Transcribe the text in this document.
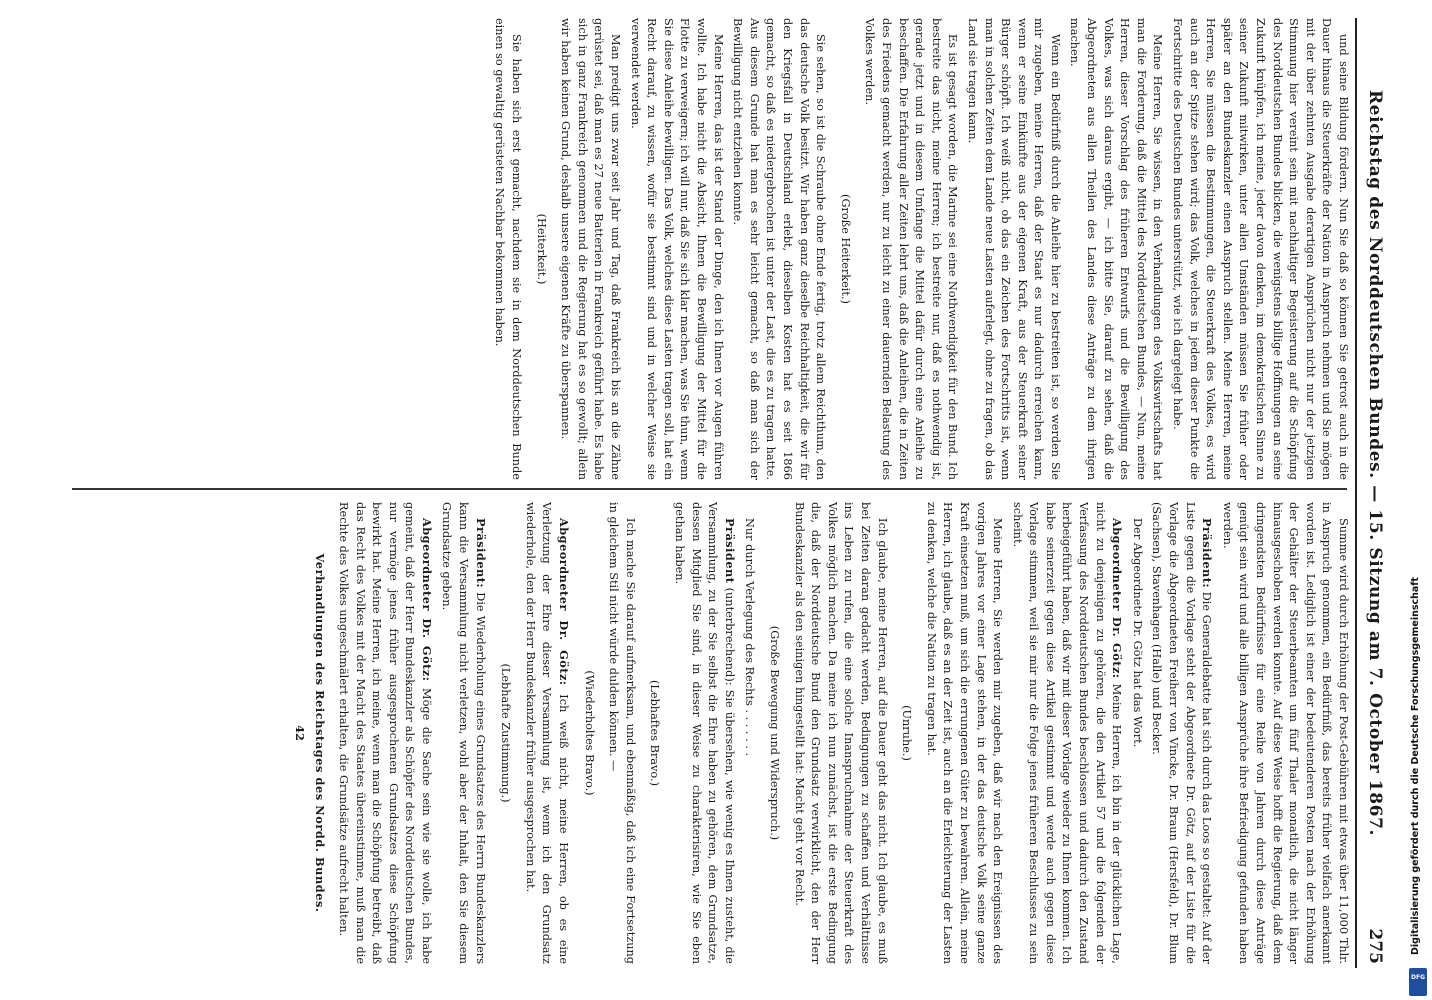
Reichstag des Norddeutschen Bundes. — 15. Sitzung am 7. October 1867.
275

und seine Bildung fördern. Nun Sie daß so können Sie getrost auch in die Dauer hinaus die Steuerkräfte der Nation in Anspruch nehmen und Sie mögen mit der über zehnten Ausgabe derartigen Ansprüchen nicht nur der jetzigen Stimmung hier vereint sein mit nachhaltiger Begeisterung auf die Schöpfung des Norddeutschen Bundes blicken, die wenigstens billige Hoffnungen an seine Zukunft knüpfen, ich meine, jeder davon denken, im demokratischen Sinne zu seiner Zukunft mitwirken, unter allen Umständen müssen Sie früher oder später an den Bundeskanzler einen Anspruch stellen. Meine Herren, meine Herren, Sie müssen die Bestimmungen, die Steuerkraft des Volkes, es wird auch an der Spitze stehen wird; das Volk, welches in jedem dieser Punkte die Fortschritte des Deutschen Bundes unterstützt, wie ich dargelegt habe.

Meine Herren, Sie wissen, in den Verhandlungen des Volkswirtschafts hat man die Forderung, daß die Mittel des Norddeutschen Bundes, — Nun, meine Herren, dieser Vorschlag des früheren Entwurfs und die Bewilligung des Volkes, was sich daraus ergibt, — ich bitte Sie, darauf zu sehen, daß die Abgeordneten aus allen Theilen des Landes diese Anträge zu dem ihrigen machen.

Wenn ein Bedürfniß durch die Anleihe hier zu bestreiten ist, so werden Sie mir zugeben, meine Herren, daß der Staat es nur dadurch erreichen kann, wenn er seine Einkünfte aus der eigenen Kraft, aus der Steuerkraft seiner Bürger schöpft. Ich weiß nicht, ob das ein Zeichen des Fortschritts ist, wenn man in solchen Zeiten dem Lande neue Lasten auferlegt, ohne zu fragen, ob das Land sie tragen kann.

Es ist gesagt worden, die Marine sei eine Nothwendigkeit für den Bund. Ich bestreite das nicht, meine Herren; ich bestreite nur, daß es nothwendig ist, gerade jetzt und in diesem Umfange die Mittel dafür durch eine Anleihe zu beschaffen. Die Erfahrung aller Zeiten lehrt uns, daß die Anleihen, die in Zeiten des Friedens gemacht werden, nur zu leicht zu einer dauernden Belastung des Volkes werden.

(Große Heiterkeit.)

Sie sehen, so ist die Schraube ohne Ende fertig, trotz allem Reichthum, den das deutsche Volk besitzt. Wir haben ganz dieselbe Reichhaltigkeit, die wir für den Kriegsfall in Deutschland erlebt, dieselben Kosten hat es seit 1866 gemacht, so daß es niedergebrochen ist unter der Last, die es zu tragen hatte. Aus diesem Grunde hat man es sehr leicht gemacht, so daß man sich der Bewilligung nicht entziehen konnte.

Meine Herren, das ist der Stand der Dinge, den ich Ihnen vor Augen führen wollte. Ich habe nicht die Absicht, Ihnen die Bewilligung der Mittel für die Flotte zu verweigern; ich will nur, daß Sie sich klar machen, was Sie thun, wenn Sie diese Anleihe bewilligen. Das Volk, welches diese Lasten tragen soll, hat ein Recht darauf, zu wissen, wofür sie bestimmt sind und in welcher Weise sie verwendet werden.

Man predigt uns zwar seit Jahr und Tag, daß Frankreich bis an die Zähne gerüstet sei, daß man es 27 neue Batterien in Frankreich geführt habe. Es habe sich in ganz Frankreich genommen und die Regierung hat es so gewollt; allein wir haben keinen Grund, deshalb unsere eigenen Kräfte zu überspannen.

(Heiterkeit.)

Sie haben sich erst gemacht, nachdem sie in dem Norddeutschen Bunde einen so gewaltig gerüsteten Nachbar bekommen haben.

Summe wird durch Erhöhung der Post-Gebühren mit etwas über 11,000 Thlr. in Anspruch genommen, ein Bedürfniß, das bereits früher vielfach anerkannt worden ist. Lediglich ist einer der bedeutenderen Posten nach der Erhöhung der Gehälter der Steuerbeamten um fünf Thaler monatlich, die nicht länger hinausgeschoben werden konnte. Auf diese Weise hofft die Regierung, daß dem dringendsten Bedürfnisse für eine Reihe von Jahren durch diese Anträge genügt sein wird und alle billigen Ansprüche ihre Befriedigung gefunden haben werden.

Präsident: Die Generaldebatte hat sich durch das Loos so gestaltet: Auf der Liste gegen die Vorlage steht der Abgeordnete Dr. Götz, auf der Liste für die Vorlage die Abgeordneten Freiherr von Vincke, Dr. Braun (Hersfeld), Dr. Blum (Sachsen), Stavenhagen (Halle) und Becker.

Der Abgeordnete Dr. Götz hat das Wort.

Abgeordneter Dr. Götz: Meine Herren, ich bin in der glücklichen Lage, nicht zu denjenigen zu gehören, die den Artikel 57 und die folgenden der Verfassung des Norddeutschen Bundes beschlossen und dadurch den Zustand herbeigeführt haben, daß wir mit dieser Vorlage wieder zu Ihnen kommen. Ich habe seinerzeit gegen diese Artikel gestimmt und werde auch gegen diese Vorlage stimmen, weil sie mir nur die Folge jenes früheren Beschlusses zu sein scheint.

Meine Herren, Sie werden mir zugeben, daß wir nach den Ereignissen des vorigen Jahres vor einer Lage stehen, in der das deutsche Volk seine ganze Kraft einsetzen muß, um sich die errungenen Güter zu bewahren. Allein, meine Herren, ich glaube, daß es an der Zeit ist, auch an die Erleichterung der Lasten zu denken, welche die Nation zu tragen hat.

(Unruhe.)

Ich glaube, meine Herren, auf die Dauer geht das nicht. Ich glaube, es muß bei Zeiten daran gedacht werden, Bedingungen zu schaffen und Verhältnisse ins Leben zu rufen, die eine solche Inanspruchnahme der Steuerkraft des Volkes möglich machen. Da meine ich nun zunächst, ist die erste Bedingung die, daß der Norddeutsche Bund den Grundsatz verwirklicht, den der Herr Bundeskanzler als den seinigen hingestellt hat: Macht geht vor Recht.

(Große Bewegung und Widerspruch.)

Nur durch Verlegung des Rechts . . . . . . .

Präsident (unterbrechend): Sie übersehen, wie wenig es Ihnen zusteht, die Versammlung, zu der Sie selbst die Ehre haben zu gehören, dem Grundsatze, dessen Mitglied Sie sind, in dieser Weise zu charakterisiren, wie Sie eben gethan haben.

(Lebhaftes Bravo.)

Ich mache Sie darauf aufmerksam, und ebenmäßig, daß ich eine Fortsetzung in gleichem Stil nicht würde dulden können. —

(Wiederholtes Bravo.)

Abgeordneter Dr. Götz: Ich weiß nicht, meine Herren, ob es eine Verletzung der Ehre dieser Versammlung ist, wenn ich den Grundsatz wiederhole, den der Herr Bundeskanzler früher ausgesprochen hat.

(Lebhafte Zustimmung.)

Präsident: Die Wiederholung eines Grundsatzes des Herrn Bundeskanzlers kann die Versammlung nicht verletzen, wohl aber der Inhalt, den Sie diesem Grundsatze geben.

Abgeordneter Dr. Götz: Möge die Sache sein wie sie wolle, ich habe gemeint, daß der Herr Bundeskanzler als Schöpfer des Norddeutschen Bundes, nur vermöge jenes früher ausgesprochenen Grundsatzes diese Schöpfung bewirkt hat. Meine Herren, ich meine, wenn man die Schöpfung betreibt, daß das Recht des Volkes mit der Macht des Staates übereinstimme, muß man die Rechte des Volkes ungeschmälert erhalten, die Grundsätze aufrecht halten.

Verhandlungen des Reichstages des Nordd. Bundes.

42	Digitalisierung gefördert durch die Deutsche Forschungsgemeinschaft
DFG
